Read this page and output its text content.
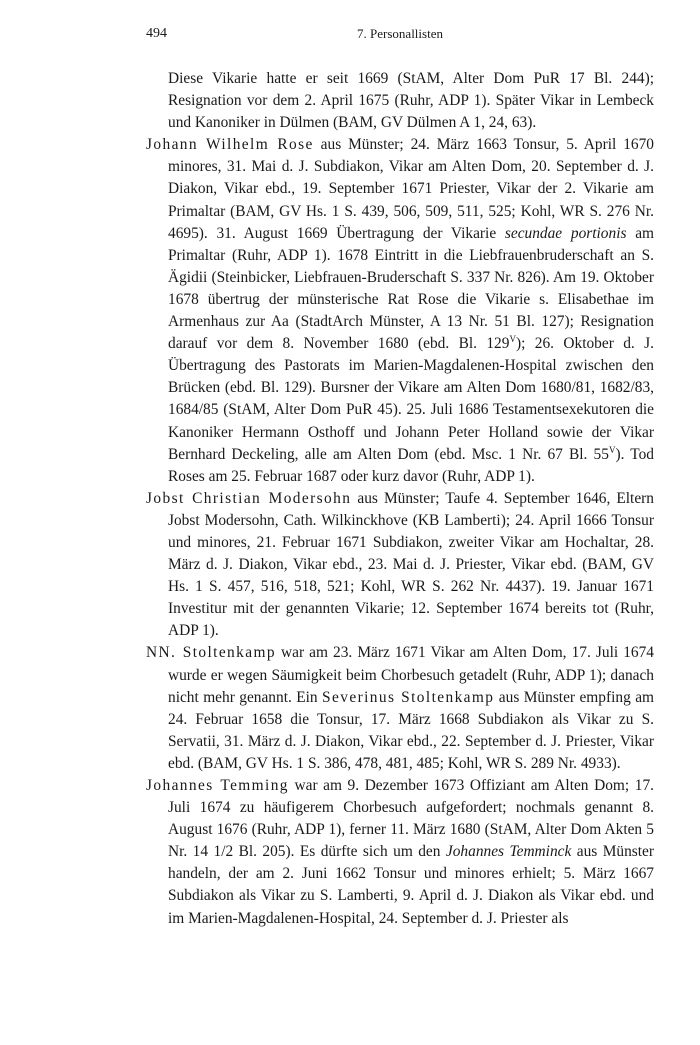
494	7. Personallisten

Diese Vikarie hatte er seit 1669 (StAM, Alter Dom PuR 17 Bl. 244); Resignation vor dem 2. April 1675 (Ruhr, ADP 1). Später Vikar in Lembeck und Kanoniker in Dülmen (BAM, GV Dülmen A 1, 24, 63).

Johann Wilhelm Rose aus Münster; 24. März 1663 Tonsur, 5. April 1670 minores, 31. Mai d. J. Subdiakon, Vikar am Alten Dom, 20. September d. J. Diakon, Vikar ebd., 19. September 1671 Priester, Vikar der 2. Vikarie am Primaltar (BAM, GV Hs. 1 S. 439, 506, 509, 511, 525; Kohl, WR S. 276 Nr. 4695). 31. August 1669 Übertragung der Vikarie secundae portionis am Primaltar (Ruhr, ADP 1). 1678 Eintritt in die Liebfrauenbruderschaft an S. Ägidii (Steinbicker, Liebfrauen-Bruderschaft S. 337 Nr. 826). Am 19. Oktober 1678 übertrug der münsterische Rat Rose die Vikarie s. Elisabethae im Armenhaus zur Aa (StadtArch Münster, A 13 Nr. 51 Bl. 127); Resignation darauf vor dem 8. November 1680 (ebd. Bl. $129^V$); 26. Oktober d. J. Übertragung des Pastorats im Marien-Magdalenen-Hospital zwischen den Brücken (ebd. Bl. 129). Bursner der Vikare am Alten Dom 1680/81, 1682/83, 1684/85 (StAM, Alter Dom PuR 45). 25. Juli 1686 Testamentsexekutoren die Kanoniker Hermann Osthoff und Johann Peter Holland sowie der Vikar Bernhard Deckeling, alle am Alten Dom (ebd. Msc. 1 Nr. 67 Bl. $55^V$). Tod Roses am 25. Februar 1687 oder kurz davor (Ruhr, ADP 1).

Jobst Christian Modersohn aus Münster; Taufe 4. September 1646, Eltern Jobst Modersohn, Cath. Wilkinckhove (KB Lamberti); 24. April 1666 Tonsur und minores, 21. Februar 1671 Subdiakon, zweiter Vikar am Hochaltar, 28. März d. J. Diakon, Vikar ebd., 23. Mai d. J. Priester, Vikar ebd. (BAM, GV Hs. 1 S. 457, 516, 518, 521; Kohl, WR S. 262 Nr. 4437). 19. Januar 1671 Investitur mit der genannten Vikarie; 12. September 1674 bereits tot (Ruhr, ADP 1).

NN. Stoltenkamp war am 23. März 1671 Vikar am Alten Dom, 17. Juli 1674 wurde er wegen Säumigkeit beim Chorbesuch getadelt (Ruhr, ADP 1); danach nicht mehr genannt. Ein Severinus Stoltenkamp aus Münster empfing am 24. Februar 1658 die Tonsur, 17. März 1668 Subdiakon als Vikar zu S. Servatii, 31. März d. J. Diakon, Vikar ebd., 22. September d. J. Priester, Vikar ebd. (BAM, GV Hs. 1 S. 386, 478, 481, 485; Kohl, WR S. 289 Nr. 4933).

Johannes Temming war am 9. Dezember 1673 Offiziant am Alten Dom; 17. Juli 1674 zu häufigerem Chorbesuch aufgefordert; nochmals genannt 8. August 1676 (Ruhr, ADP 1), ferner 11. März 1680 (StAM, Alter Dom Akten 5 Nr. 14 1/2 Bl. 205). Es dürfte sich um den Johannes Temminck aus Münster handeln, der am 2. Juni 1662 Tonsur und minores erhielt; 5. März 1667 Subdiakon als Vikar zu S. Lamberti, 9. April d. J. Diakon als Vikar ebd. und im Marien-Magdalenen-Hospital, 24. September d. J. Priester als
